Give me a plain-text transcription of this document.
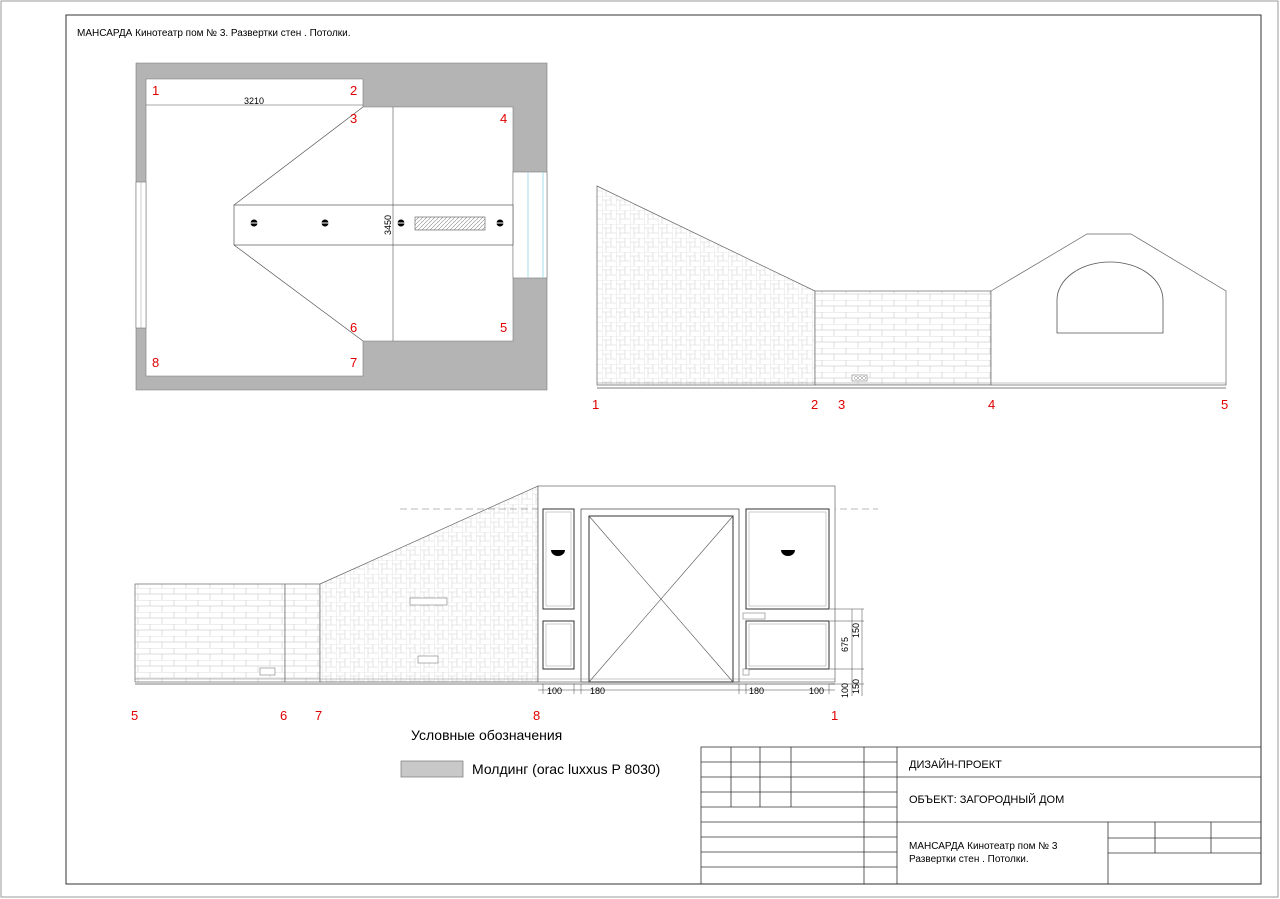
МАНСАРДА Кинотеатр пом № 3. Развертки стен . Потолки.
3210
3450
1	2
3	4
5
6
7
8
1	2 3	4	5
100	180	180	100
150
675
100 150
5	6 7	8	1
Условные обозначения
Молдинг (orac luxxus P 8030)	ДИЗАЙН-ПРОЕКТ
ОБЪЕКТ: ЗАГОРОДНЫЙ ДОМ
МАНСАРДА Кинотеатр пом № 3
Развертки стен . Потолки.
